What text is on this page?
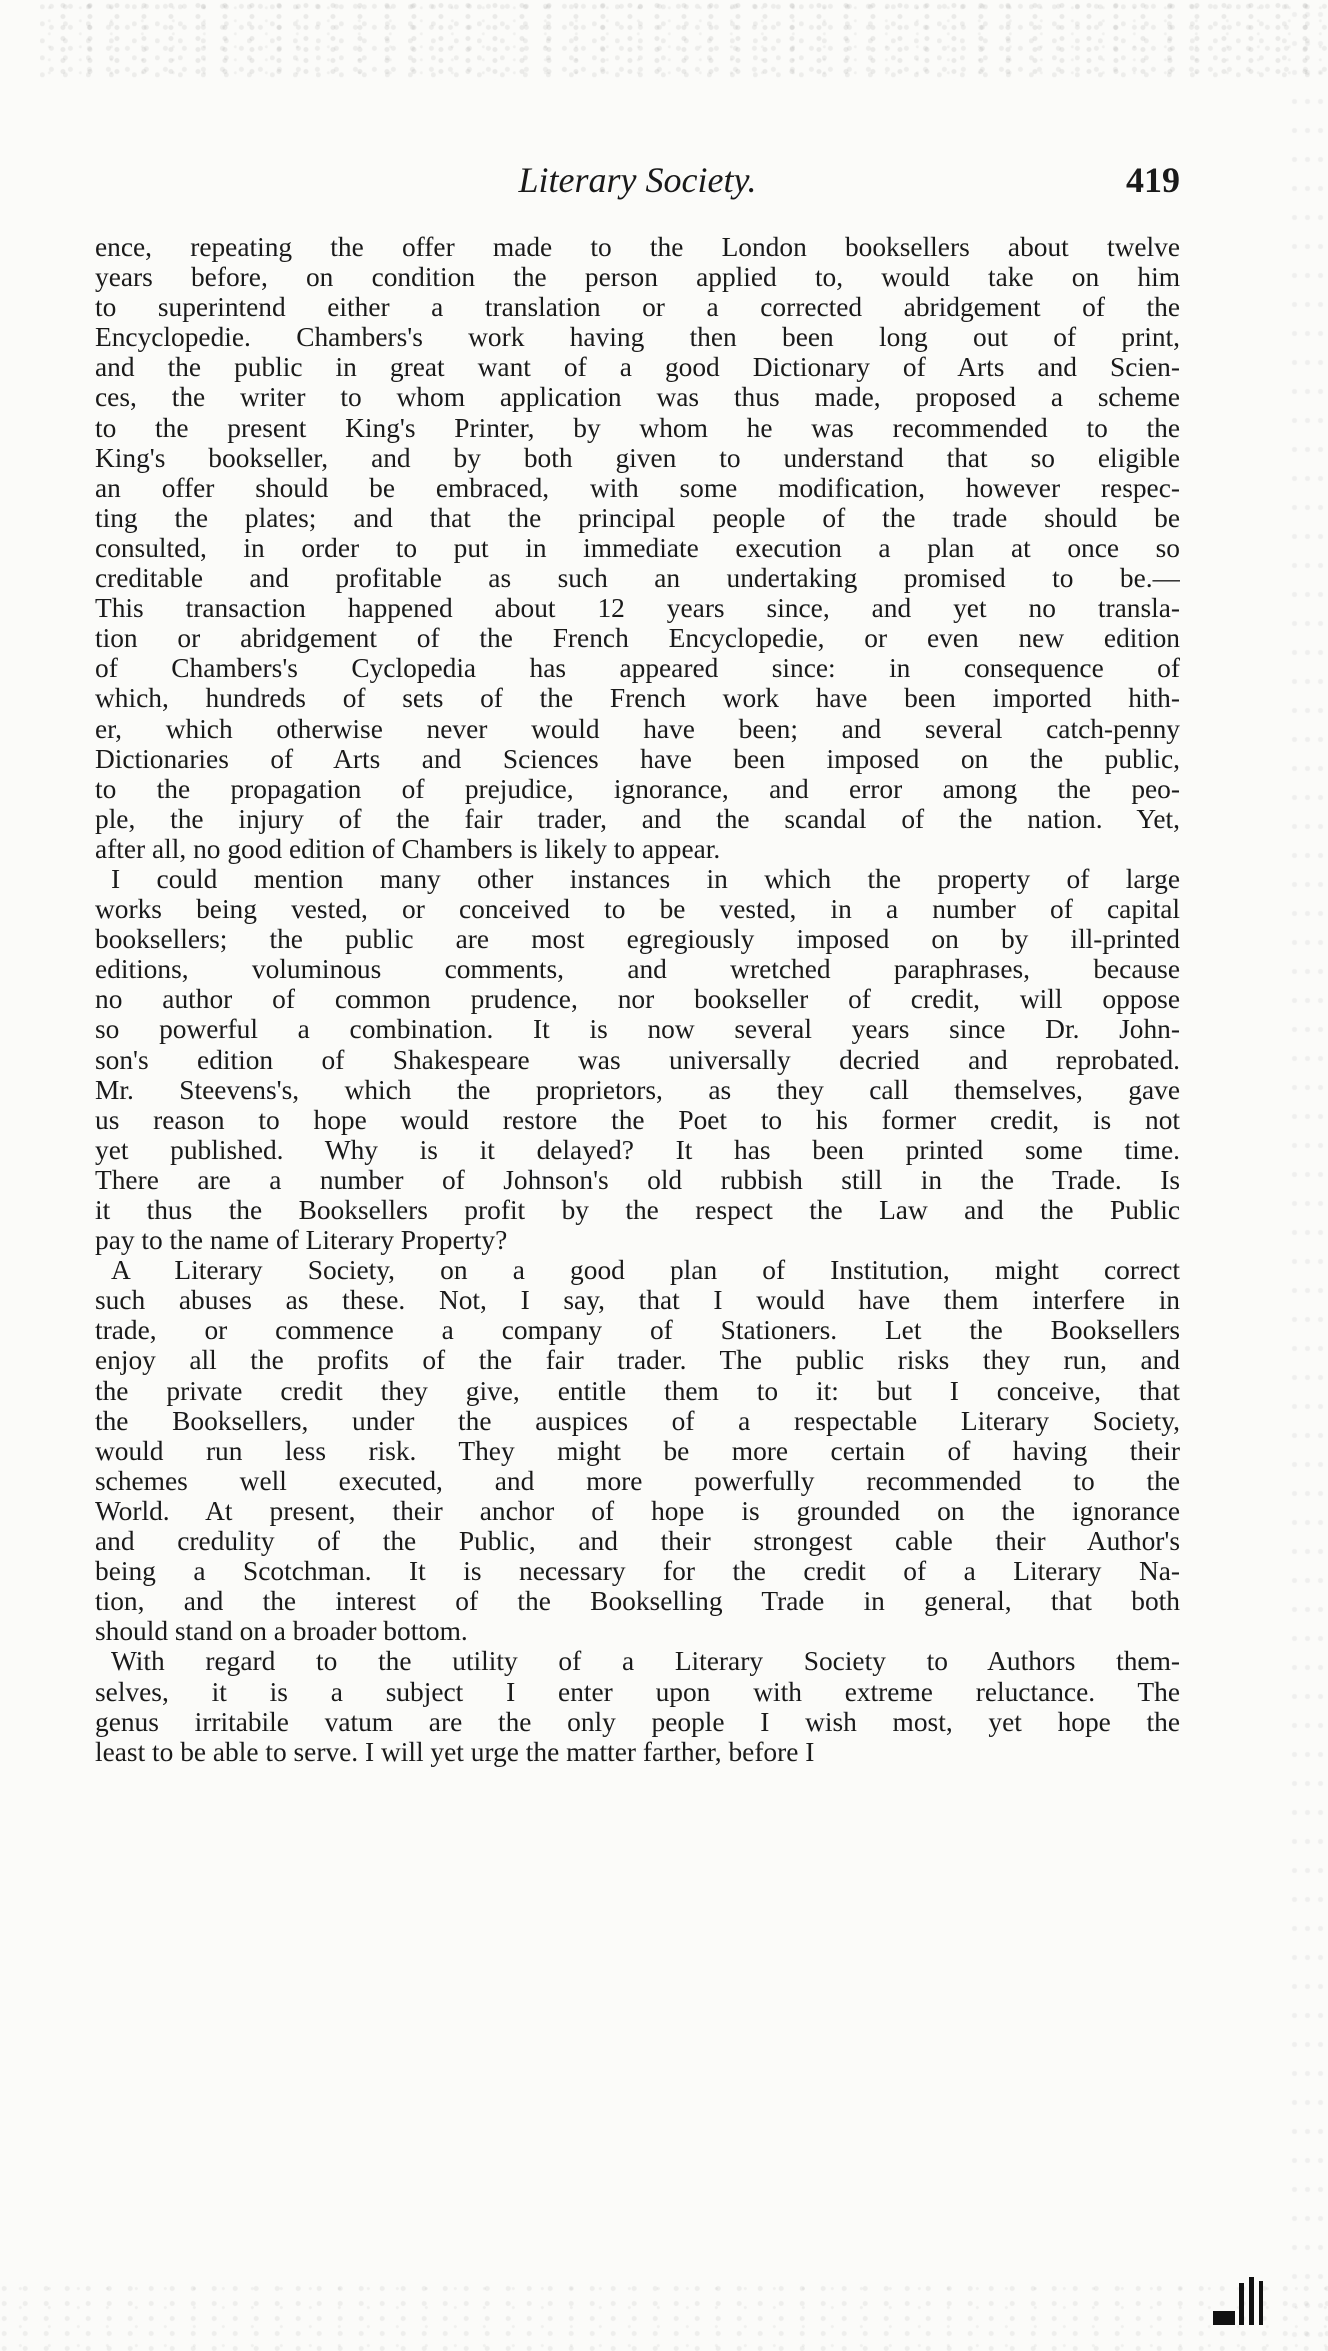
Literary Society.	419
ence, repeating the offer made to the London booksellers about twelve
years before, on condition the person applied to, would take on him
to superintend either a translation or a corrected abridgement of the
Encyclopedie. Chambers's work having then been long out of print,
and the public in great want of a good Dictionary of Arts and Scien-
ces, the writer to whom application was thus made, proposed a scheme
to the present King's Printer, by whom he was recommended to the
King's bookseller, and by both given to understand that so eligible
an offer should be embraced, with some modification, however respec-
ting the plates; and that the principal people of the trade should be
consulted, in order to put in immediate execution a plan at once so
creditable and profitable as such an undertaking promised to be.—
This transaction happened about 12 years since, and yet no transla-
tion or abridgement of the French Encyclopedie, or even new edition
of Chambers's Cyclopedia has appeared since: in consequence of
which, hundreds of sets of the French work have been imported hith-
er, which otherwise never would have been; and several catch-penny
Dictionaries of Arts and Sciences have been imposed on the public,
to the propagation of prejudice, ignorance, and error among the peo-
ple, the injury of the fair trader, and the scandal of the nation. Yet,
after all, no good edition of Chambers is likely to appear.
I could mention many other instances in which the property of large
works being vested, or conceived to be vested, in a number of capital
booksellers; the public are most egregiously imposed on by ill-printed
editions, voluminous comments, and wretched paraphrases, because
no author of common prudence, nor bookseller of credit, will oppose
so powerful a combination. It is now several years since Dr. John-
son's edition of Shakespeare was universally decried and reprobated.
Mr. Steevens's, which the proprietors, as they call themselves, gave
us reason to hope would restore the Poet to his former credit, is not
yet published. Why is it delayed? It has been printed some time.
There are a number of Johnson's old rubbish still in the Trade. Is
it thus the Booksellers profit by the respect the Law and the Public
pay to the name of Literary Property?
A Literary Society, on a good plan of Institution, might correct
such abuses as these. Not, I say, that I would have them interfere in
trade, or commence a company of Stationers. Let the Booksellers
enjoy all the profits of the fair trader. The public risks they run, and
the private credit they give, entitle them to it: but I conceive, that
the Booksellers, under the auspices of a respectable Literary Society,
would run less risk. They might be more certain of having their
schemes well executed, and more powerfully recommended to the
World. At present, their anchor of hope is grounded on the ignorance
and credulity of the Public, and their strongest cable their Author's
being a Scotchman. It is necessary for the credit of a Literary Na-
tion, and the interest of the Bookselling Trade in general, that both
should stand on a broader bottom.
With regard to the utility of a Literary Society to Authors them-
selves, it is a subject I enter upon with extreme reluctance. The
genus irritabile vatum are the only people I wish most, yet hope the
least to be able to serve. I will yet urge the matter farther, before I
